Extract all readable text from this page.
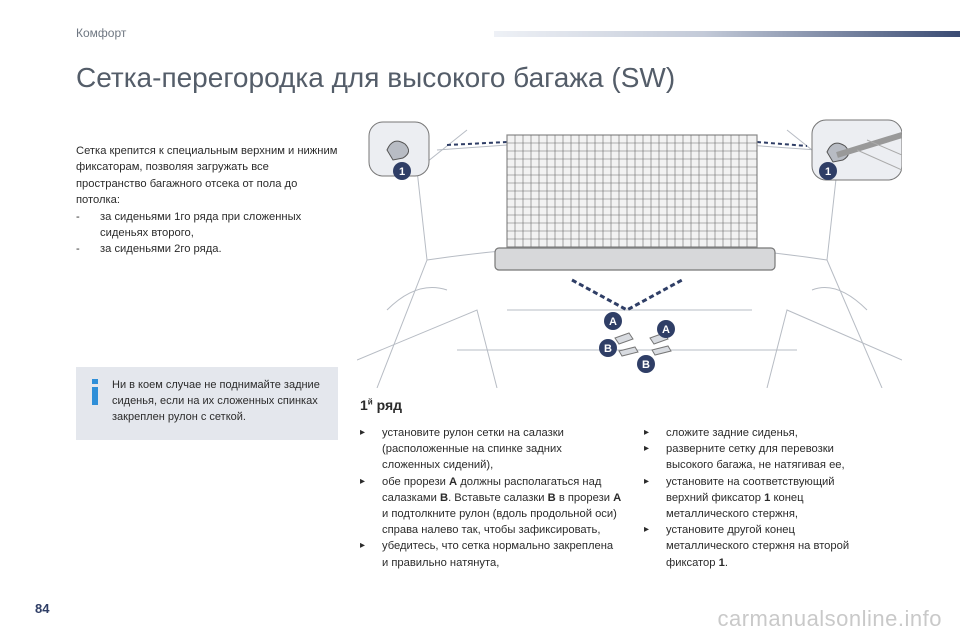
Комфорт
Сетка-перегородка для высокого багажа (SW)

Сетка крепится к специальным верхним и нижним фиксаторам, позволяя загружать все пространство багажного отсека от пола до потолка:

- за сиденьями 1го ряда при сложенных сиденьях второго,
- за сиденьями 2го ряда.
Ни в коем случае не поднимайте задние сиденья, если на их сложенных спинках закреплен рулон с сеткой.
1	1
A
A
B
B
$1^й$ ряд

▸ установите рулон сетки на салазки (расположенные на спинке задних сложенных сидений),

▸ обе прорези A должны располагаться над салазками B. Вставьте салазки B в прорези A и подтолкните рулон (вдоль продольной оси) справа налево так, чтобы зафиксировать,

▸ убедитесь, что сетка нормально закреплена и правильно натянута,

▸ сложите задние сиденья,

▸ разверните сетку для перевозки высокого багажа, не натягивая ее,

▸ установите на соответствующий верхний фиксатор 1 конец металлического стержня,

▸ установите другой конец металлического стержня на второй фиксатор 1.

84	carmanualsonline.info
